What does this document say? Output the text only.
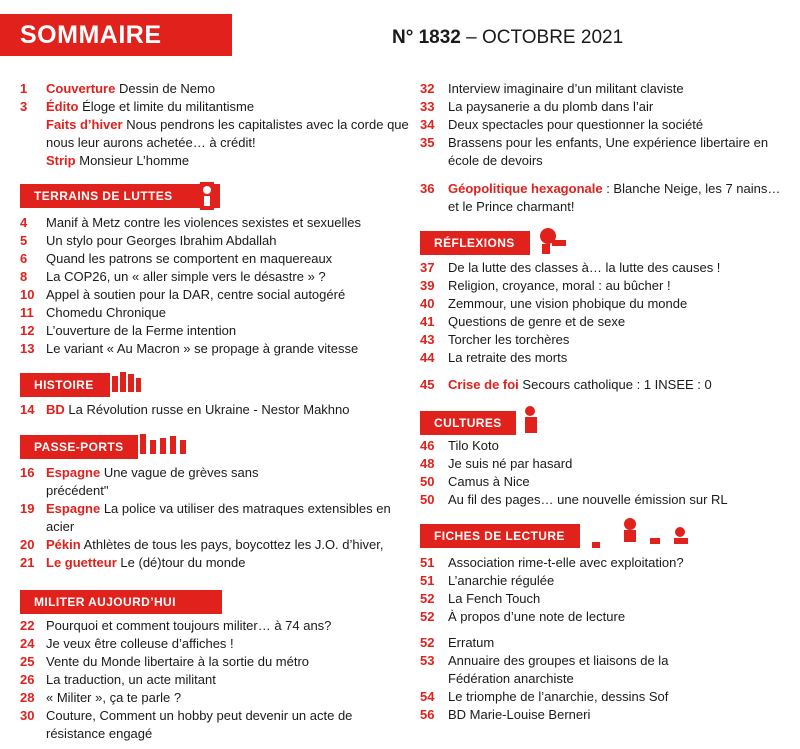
SOMMAIRE	N° 1832 – OCTOBRE 2021
1	Couverture Dessin de Nemo
3	Édito Éloge et limite du militantisme
Faits d’hiver Nous pendrons les capitalistes avec la corde que nous leur aurons achetée… à crédit!
Strip Monsieur L’homme
TERRAINS DE LUTTES
4	Manif à Metz contre les violences sexistes et sexuelles
5	Un stylo pour Georges Ibrahim Abdallah
6	Quand les patrons se comportent en maquereaux
8	La COP26, un « aller simple vers le désastre » ?
10 Appel à soutien pour la DAR, centre social autogéré
11 Chomedu Chronique
12 L’ouverture de la Ferme intention
13 Le variant « Au Macron » se propage à grande vitesse
HISTOIRE
14 BD La Révolution russe en Ukraine - Nestor Makhno
PASSE-PORTS
16 Espagne Une vague de grèves sans précédent"
19 Espagne La police va utiliser des matraques extensibles en acier
20 Pékin Athlètes de tous les pays, boycottez les J.O. d’hiver,
21 Le guetteur Le (dé)tour du monde
MILITER AUJOURD’HUI
22 Pourquoi et comment toujours militer… à 74 ans?
24 Je veux être colleuse d’affiches !
25 Vente du Monde libertaire à la sortie du métro
26 La traduction, un acte militant
28 « Militer », ça te parle ?
30 Couture, Comment un hobby peut devenir un acte de résistance engagé
32	Interview imaginaire d’un militant claviste
33	La paysanerie a du plomb dans l’air
34	Deux spectacles pour questionner la société
35	Brassens pour les enfants, Une expérience libertaire en école de devoirs
36	Géopolitique hexagonale : Blanche Neige, les 7 nains… et le Prince charmant!
RÉFLEXIONS
37	De la lutte des classes à… la lutte des causes !
39	Religion, croyance, moral : au bûcher !
40	Zemmour, une vision phobique du monde
41	Questions de genre et de sexe
43	Torcher les torchères
44	La retraite des morts
45	Crise de foi Secours catholique : 1 INSEE : 0
CULTURES
46	Tilo Koto
48	Je suis né par hasard
50	Camus à Nice
50	Au fil des pages… une nouvelle émission sur RL
FICHES DE LECTURE
51	Association rime-t-elle avec exploitation?
51	L’anarchie régulée
52	La Fench Touch
52	À propos d’une note de lecture
52	Erratum
53	Annuaire des groupes et liaisons de la Fédération anarchiste
54	Le triomphe de l’anarchie, dessins Sof
56	BD Marie-Louise Berneri
